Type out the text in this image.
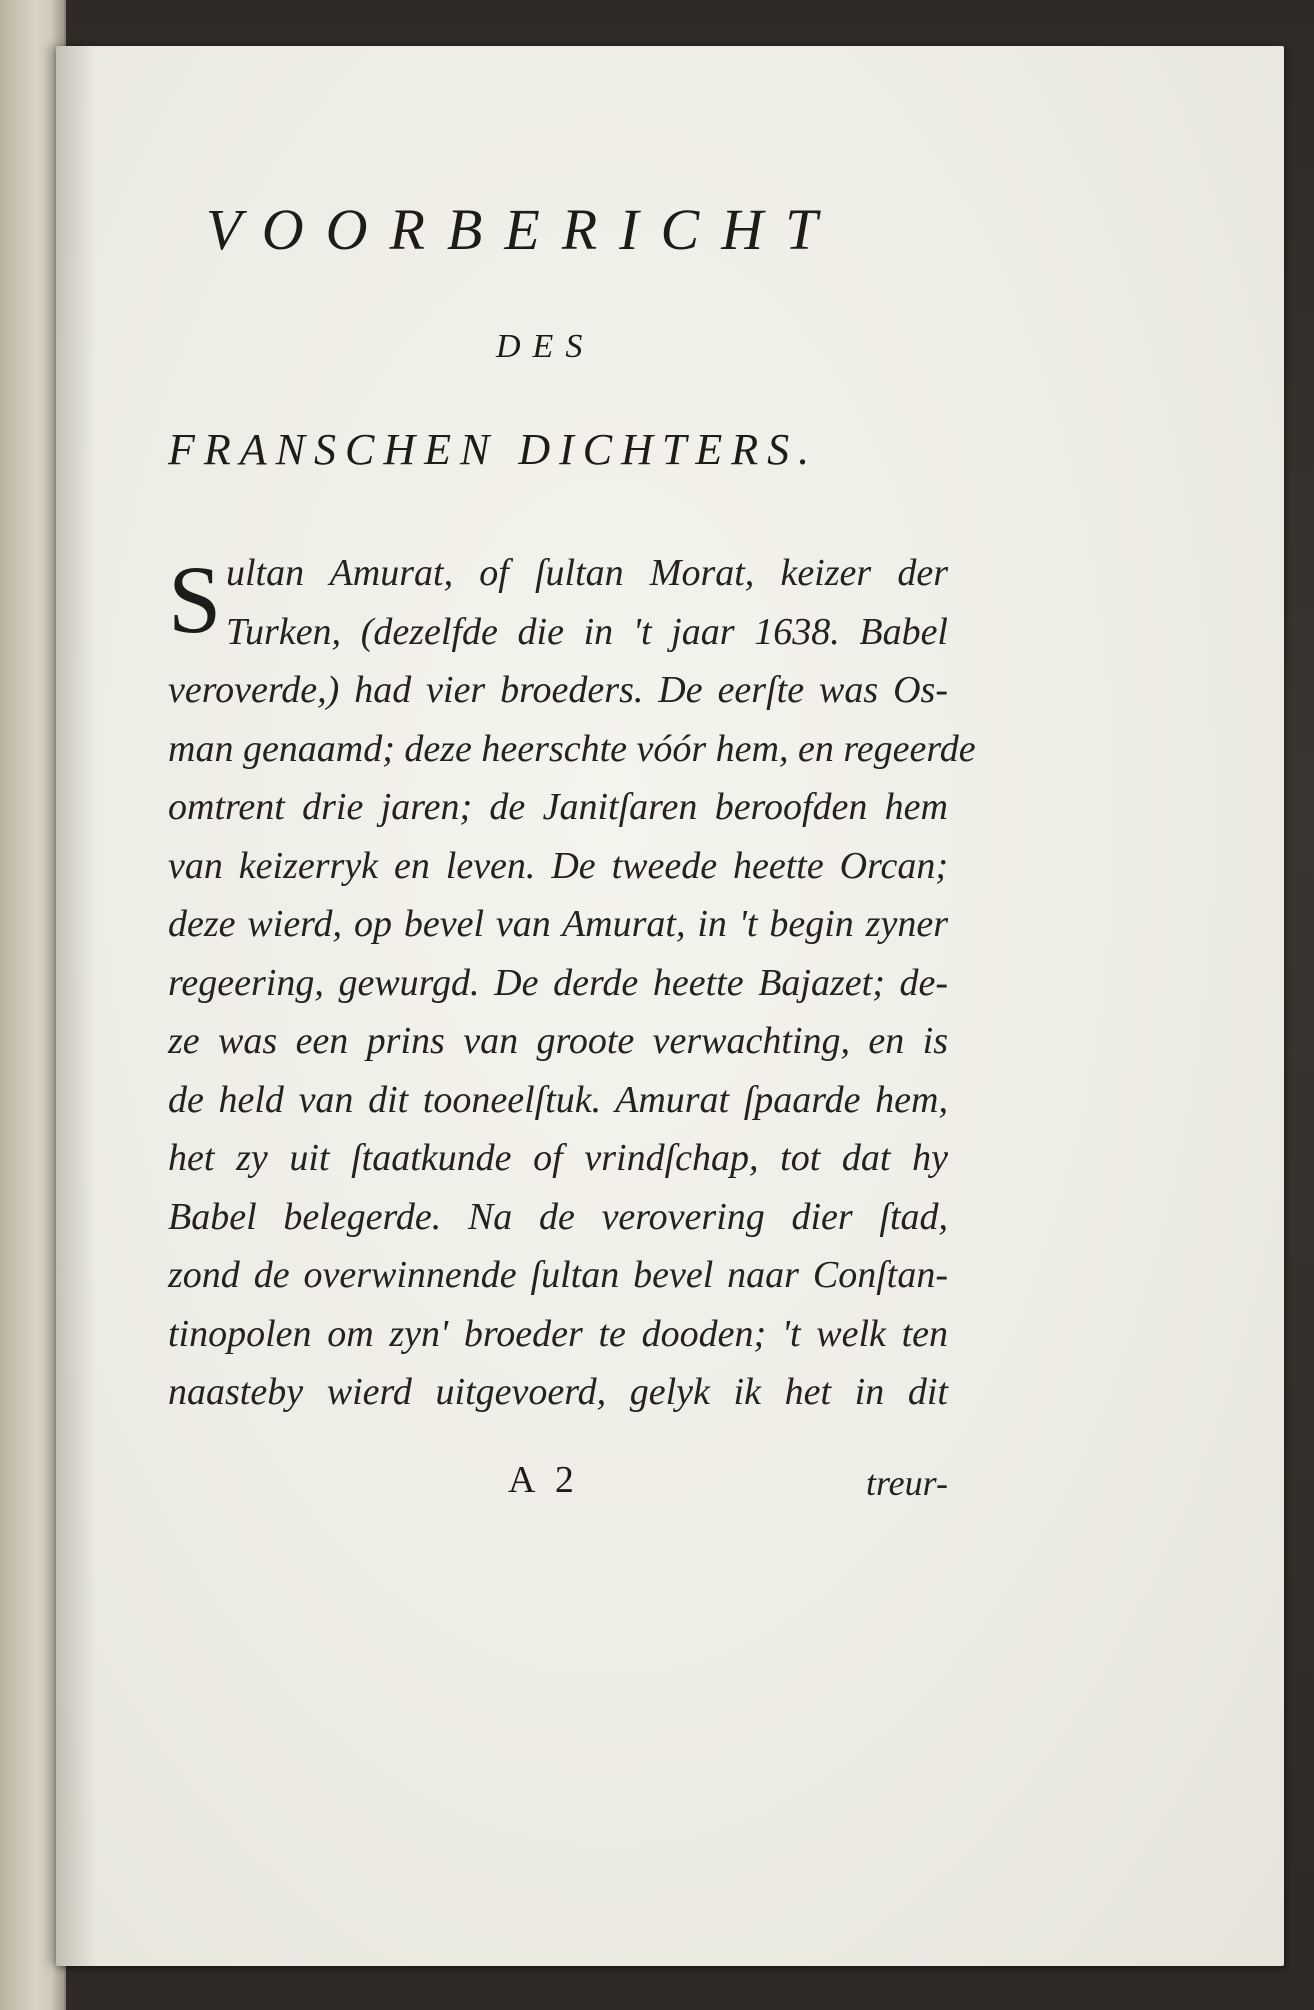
VOORBERICHT
DES
FRANSCHEN DICHTERS.
S ultan Amurat, of ſultan Morat, keizer der
Turken, (dezelfde die in 't jaar 1638. Babel
veroverde,) had vier broeders. De eerſte was Os-
man genaamd; deze heerschte vóór hem, en regeerde
omtrent drie jaren; de Janitſaren beroofden hem
van keizerryk en leven. De tweede heette Orcan;
deze wierd, op bevel van Amurat, in 't begin zyner
regeering, gewurgd. De derde heette Bajazet; de-
ze was een prins van groote verwachting, en is
de held van dit tooneelſtuk. Amurat ſpaarde hem,
het zy uit ſtaatkunde of vrindſchap, tot dat hy
Babel belegerde. Na de verovering dier ſtad,
zond de overwinnende ſultan bevel naar Conſtan-
tinopolen om zyn' broeder te dooden; 't welk ten
naasteby wierd uitgevoerd, gelyk ik het in dit
A 2	treur-
